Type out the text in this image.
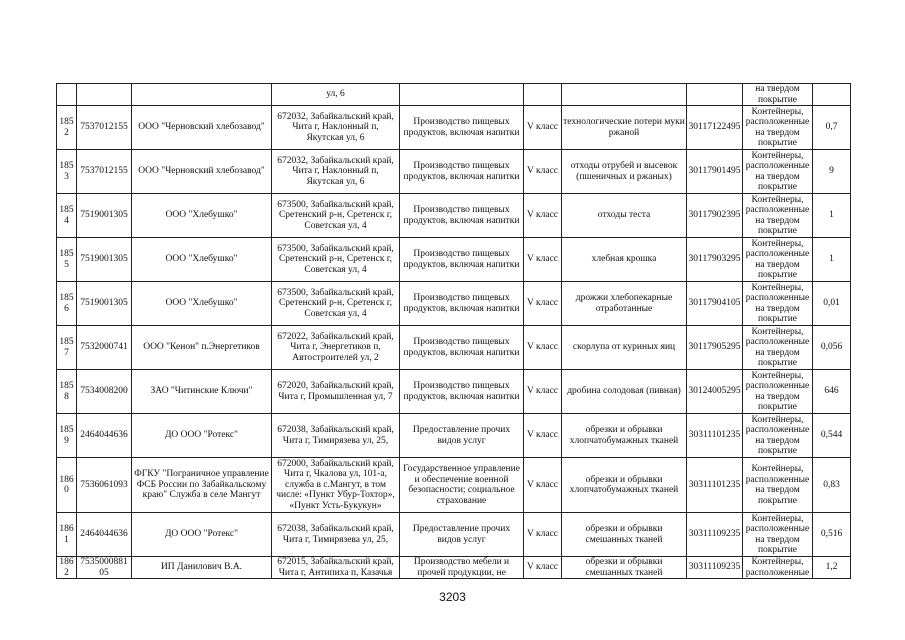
			ул, 6					на твердом покрытие	
1852	7537012155	ООО "Черновский хлебозавод"	672032, Забайкальский край, Чита г, Наклонный п, Якутская ул, 6	Производство пищевых продуктов, включая напитки	V класс	технологические потери муки ржаной	30117122495	Контейнеры, расположенные на твердом покрытие	0,7
1853	7537012155	ООО "Черновский хлебозавод"	672032, Забайкальский край, Чита г, Наклонный п, Якутская ул, 6	Производство пищевых продуктов, включая напитки	V класс	отходы отрубей и высевок (пшеничных и ржаных)	30117901495	Контейнеры, расположенные на твердом покрытие	9
1854	7519001305	ООО "Хлебушко"	673500, Забайкальский край, Сретенский р-н, Сретенск г, Советская ул, 4	Производство пищевых продуктов, включая напитки	V класс	отходы теста	30117902395	Контейнеры, расположенные на твердом покрытие	1
1855	7519001305	ООО "Хлебушко"	673500, Забайкальский край, Сретенский р-н, Сретенск г, Советская ул, 4	Производство пищевых продуктов, включая напитки	V класс	хлебная крошка	30117903295	Контейнеры, расположенные на твердом покрытие	1
1856	7519001305	ООО "Хлебушко"	673500, Забайкальский край, Сретенский р-н, Сретенск г, Советская ул, 4	Производство пищевых продуктов, включая напитки	V класс	дрожжи хлебопекарные отработанные	30117904105	Контейнеры, расположенные на твердом покрытие	0,01
1857	7532000741	ООО "Кенон" п.Энергетиков	672022, Забайкальский край, Чита г, Энергетиков п, Автостроителей ул, 2	Производство пищевых продуктов, включая напитки	V класс	скорлупа от куриных яиц	30117905295	Контейнеры, расположенные на твердом покрытие	0,056
1858	7534008200	ЗАО "Читинские Ключи"	672020, Забайкальский край, Чита г, Промышленная ул, 7	Производство пищевых продуктов, включая напитки	V класс	дробина солодовая (пивная)	30124005295	Контейнеры, расположенные на твердом покрытие	646
1859	2464044636	ДО ООО "Ротекс"	672038, Забайкальский край, Чита г, Тимирязева ул, 25,	Предоставление прочих видов услуг	V класс	обрезки и обрывки хлопчатобумажных тканей	30311101235	Контейнеры, расположенные на твердом покрытие	0,544
1860	7536061093	ФГКУ "Пограничное управление ФСБ России по Забайкальскому краю" Служба в селе Мангут	672000, Забайкальский край, Чита г, Чкалова ул, 101-а, служба в с.Мангут, в том числе: «Пункт Убур-Тохтор», «Пункт Усть-Букукун»	Государственное управление и обеспечение военной безопасности; социальное страхование	V класс	обрезки и обрывки хлопчатобумажных тканей	30311101235	Контейнеры, расположенные на твердом покрытие	0,83
1861	2464044636	ДО ООО "Ротекс"	672038, Забайкальский край, Чита г, Тимирязева ул, 25,	Предоставление прочих видов услуг	V класс	обрезки и обрывки смешанных тканей	30311109235	Контейнеры, расположенные на твердом покрытие	0,516
1862	753500088105	ИП Данилович В.А.	672015, Забайкальский край, Чита г, Антипиха п, Казачья	Производство мебели и прочей продукции, не	V класс	обрезки и обрывки смешанных тканей	30311109235	Контейнеры, расположенные	1,2
3203
